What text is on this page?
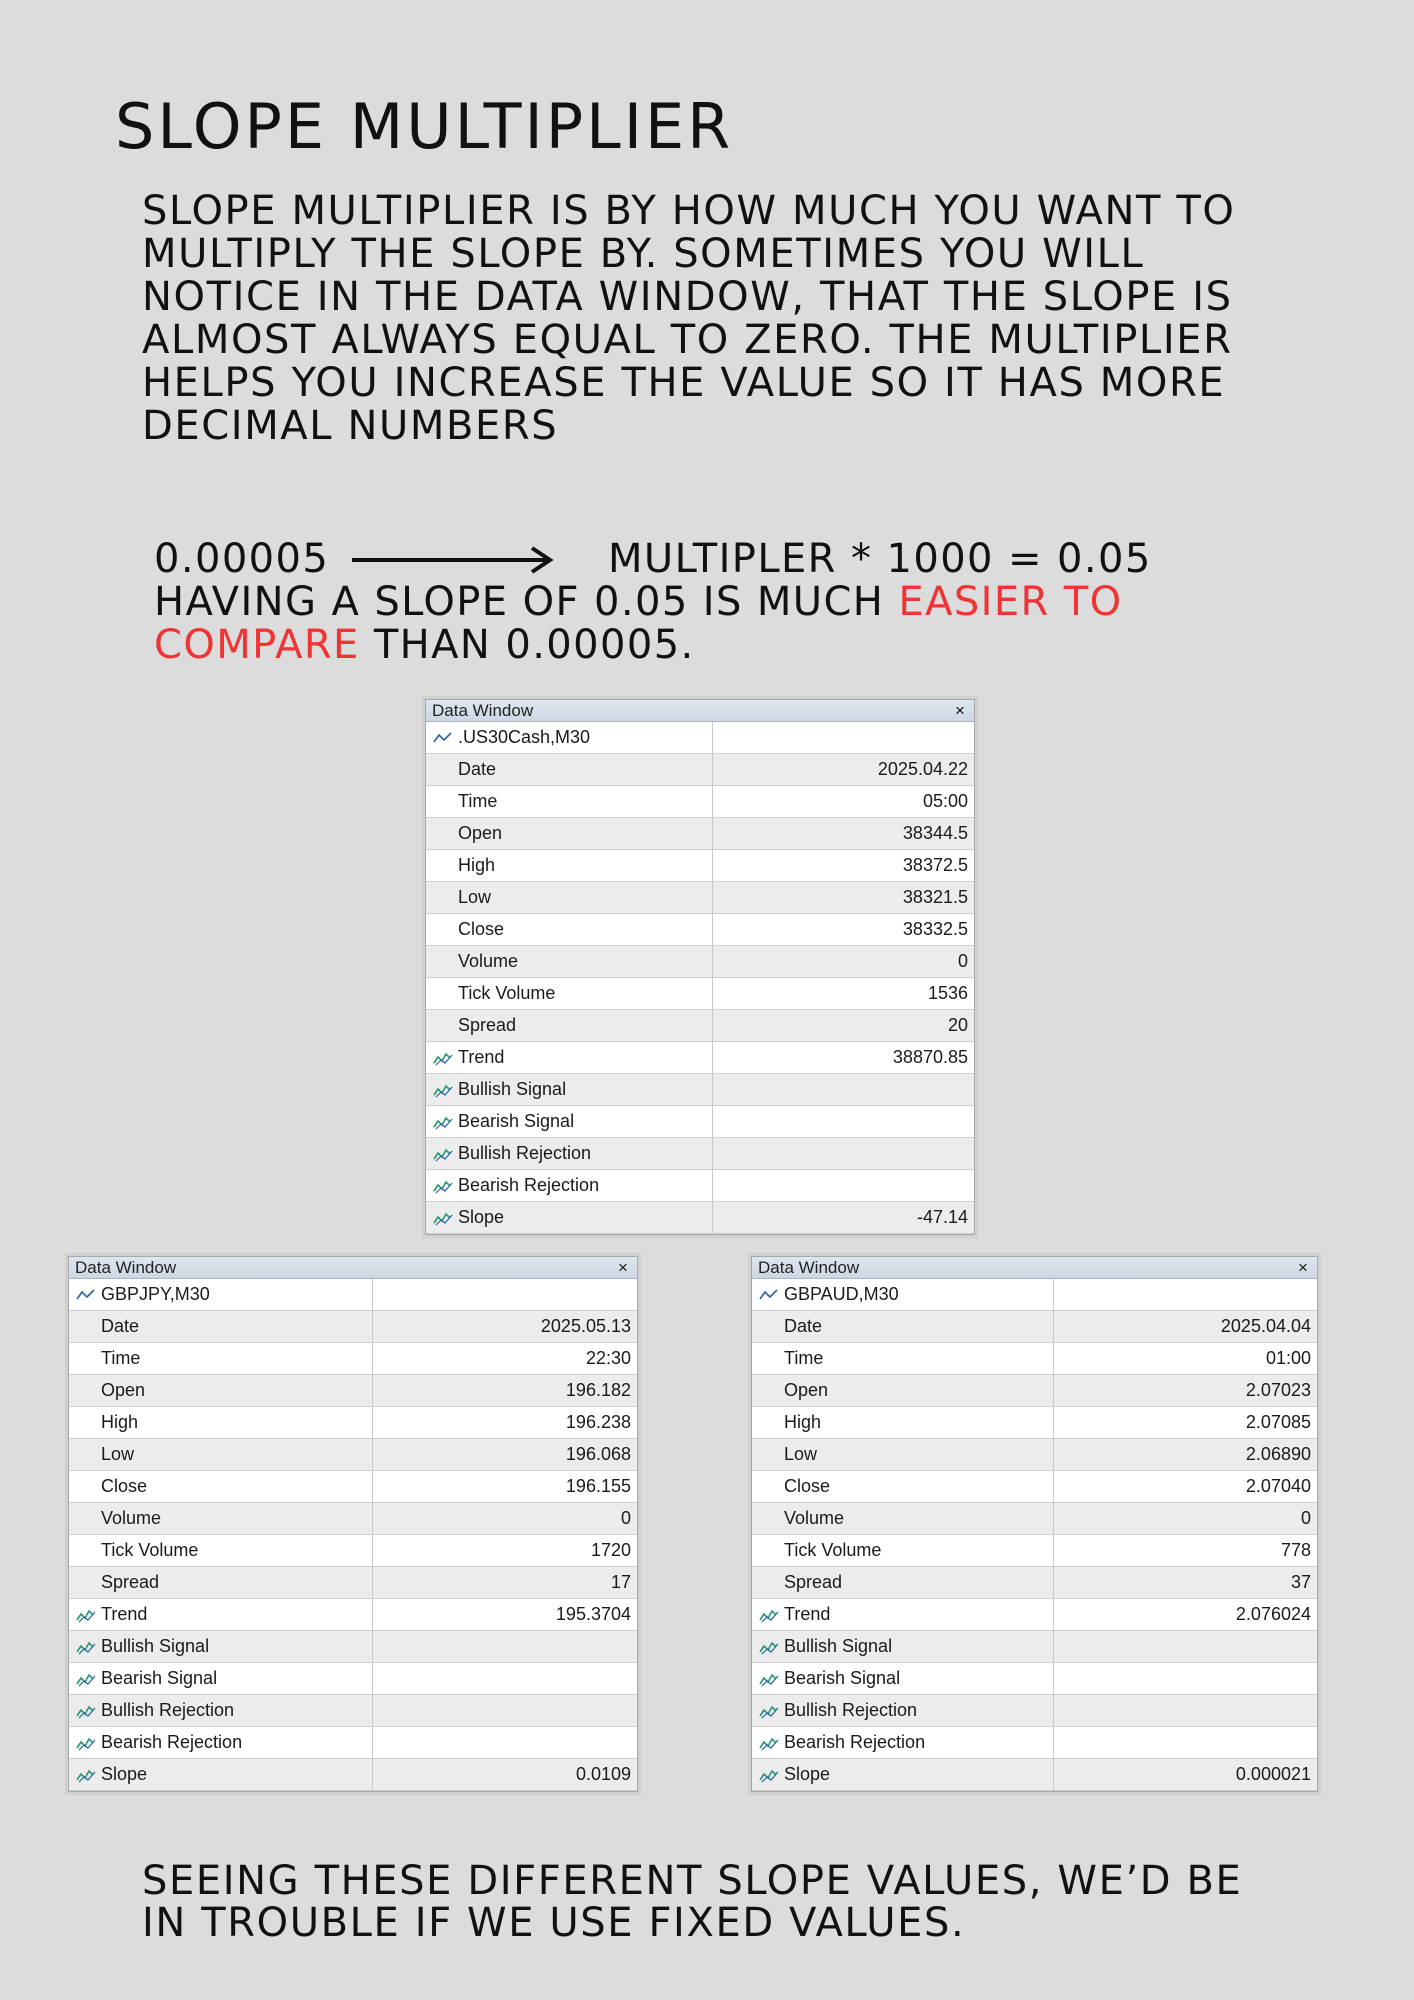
SLOPE MULTIPLIER

SLOPE MULTIPLIER IS BY HOW MUCH YOU WANT TO MULTIPLY THE SLOPE BY. SOMETIMES YOU WILL NOTICE IN THE DATA WINDOW, THAT THE SLOPE IS ALMOST ALWAYS EQUAL TO ZERO. THE MULTIPLIER HELPS YOU INCREASE THE VALUE SO IT HAS MORE DECIMAL NUMBERS

0.00005	MULTIPLER * 1000 = 0.05
HAVING A SLOPE OF 0.05 IS MUCH EASIER TO
COMPARE THAN 0.00005.
Data Window	×
.US30Cash,M30	
Date	2025.04.22
Time	05:00
Open	38344.5
High	38372.5
Low	38321.5
Close	38332.5
Volume	0
Tick Volume	1536
Spread	20
Trend	38870.85
Bullish Signal	
Bearish Signal	
Bullish Rejection	
Bearish Rejection	
Slope	-47.14
Data Window	×
GBPJPY,M30	
Date	2025.05.13
Time	22:30
Open	196.182
High	196.238
Low	196.068
Close	196.155
Volume	0
Tick Volume	1720
Spread	17
Trend	195.3704
Bullish Signal	
Bearish Signal	
Bullish Rejection	
Bearish Rejection	
Slope	0.0109
Data Window	×
GBPAUD,M30	
Date	2025.04.04
Time	01:00
Open	2.07023
High	2.07085
Low	2.06890
Close	2.07040
Volume	0
Tick Volume	778
Spread	37
Trend	2.076024
Bullish Signal	
Bearish Signal	
Bullish Rejection	
Bearish Rejection	
Slope	0.000021

SEEING THESE DIFFERENT SLOPE VALUES, WE’D BE IN TROUBLE IF WE USE FIXED VALUES.
